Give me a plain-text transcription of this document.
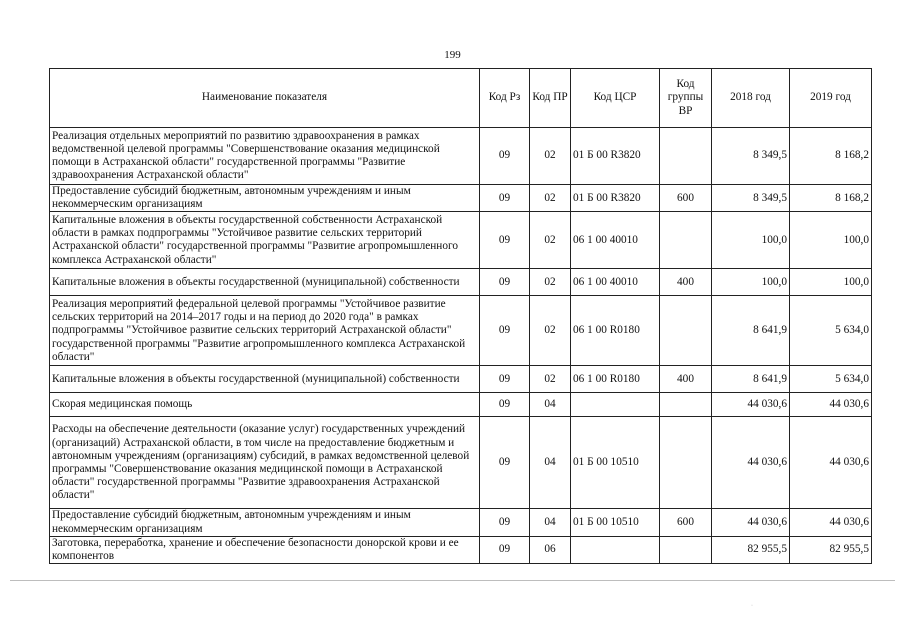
199
Наименование показателя	Код Рз	Код ПР	Код ЦСР	Код группы ВР	2018 год	2019 год
Реализация отдельных мероприятий по развитию здравоохранения в рамках ведомственной целевой программы "Совершенствование оказания медицинской помощи в Астраханской области" государственной программы "Развитие здравоохранения Астраханской области"	09	02	01 Б 00 R3820		8 349,5	8 168,2
Предоставление субсидий бюджетным, автономным учреждениям и иным некоммерческим организациям	09	02	01 Б 00 R3820	600	8 349,5	8 168,2
Капитальные вложения в объекты государственной собственности Астраханской области в рамках подпрограммы "Устойчивое развитие сельских территорий Астраханской области" государственной программы "Развитие агропромышленного комплекса Астраханской области"	09	02	06 1 00 40010		100,0	100,0
Капитальные вложения в объекты государственной (муниципальной) собственности	09	02	06 1 00 40010	400	100,0	100,0
Реализация мероприятий федеральной целевой программы "Устойчивое развитие сельских территорий на 2014–2017 годы и на период до 2020 года" в рамках подпрограммы "Устойчивое развитие сельских территорий Астраханской области" государственной программы "Развитие агропромышленного комплекса Астраханской области"	09	02	06 1 00 R0180		8 641,9	5 634,0
Капитальные вложения в объекты государственной (муниципальной) собственности	09	02	06 1 00 R0180	400	8 641,9	5 634,0
Скорая медицинская помощь	09	04			44 030,6	44 030,6
Расходы на обеспечение деятельности (оказание услуг) государственных учреждений (организаций) Астраханской области, в том числе на предоставление бюджетным и автономным учреждениям (организациям) субсидий, в рамках ведомственной целевой программы "Совершенствование оказания медицинской помощи в Астраханской области" государственной программы "Развитие здравоохранения Астраханской области"	09	04	01 Б 00 10510		44 030,6	44 030,6
Предоставление субсидий бюджетным, автономным учреждениям и иным некоммерческим организациям	09	04	01 Б 00 10510	600	44 030,6	44 030,6
Заготовка, переработка, хранение и обеспечение безопасности донорской крови и ее компонентов	09	06			82 955,5	82 955,5
·
